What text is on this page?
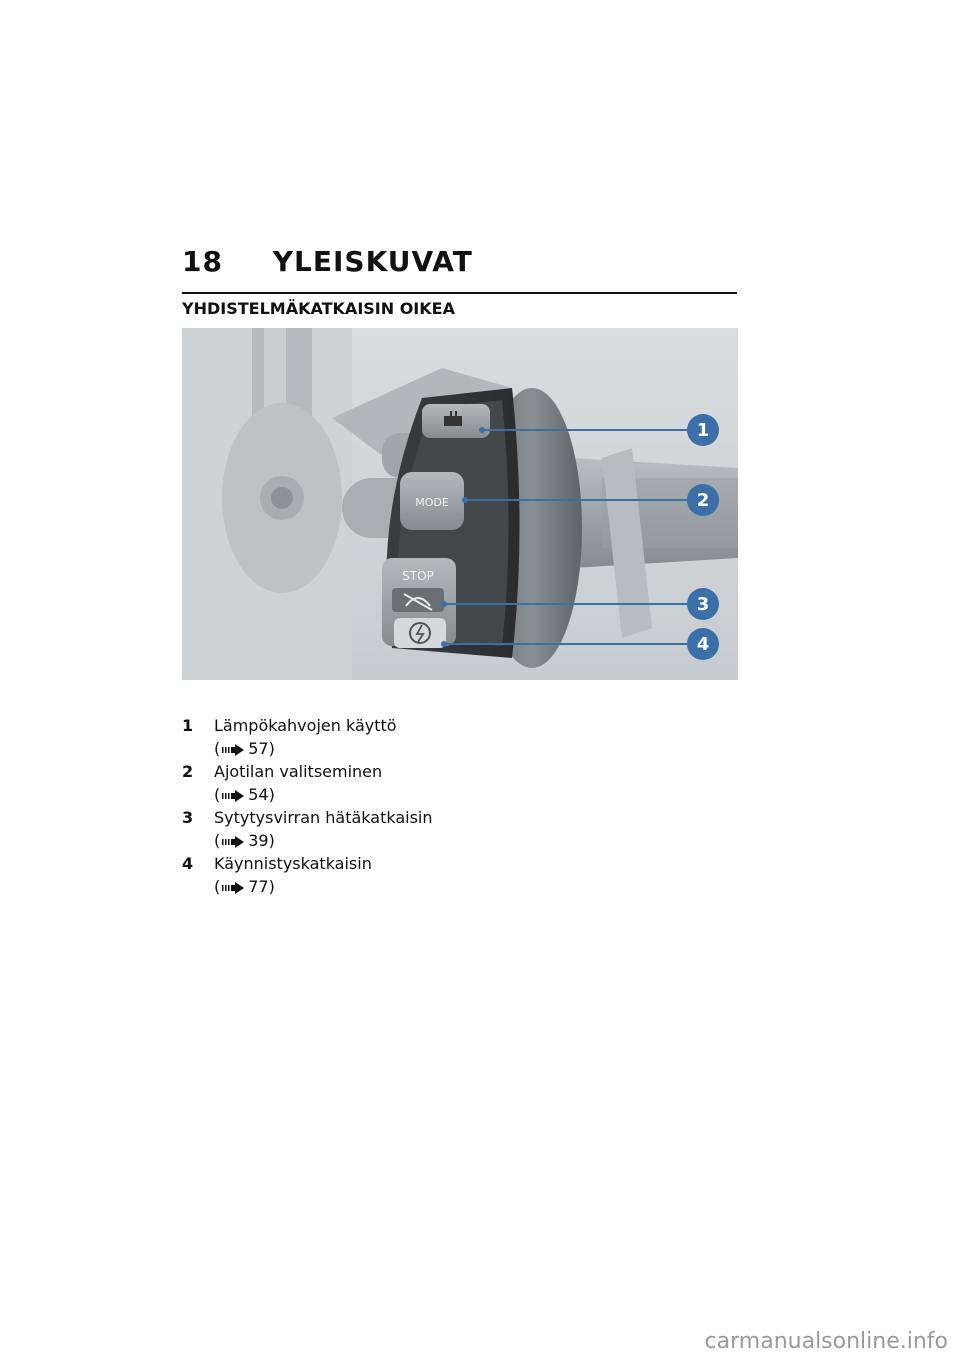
18 YLEISKUVAT
YHDISTELMÄKATKAISIN OIKEA
MODE
STOP
1
2
3
4
1	Lämpökahvojen käyttö
( 57)
2	Ajotilan valitseminen
( 54)
3	Sytytysvirran hätäkatkaisin
( 39)
4	Käynnistyskatkaisin
( 77)
carmanualsonline.info
